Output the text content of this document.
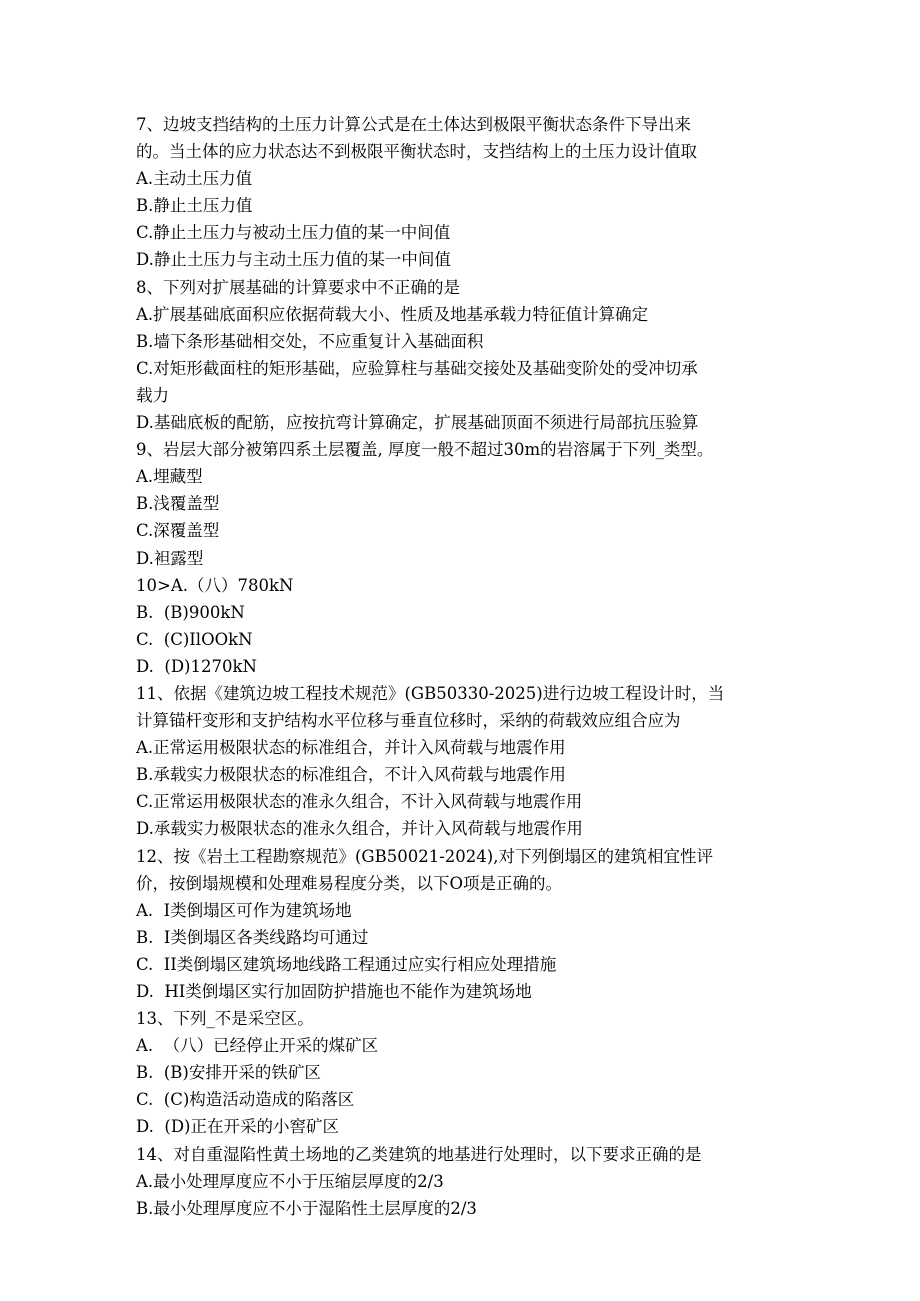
7、边坡支挡结构的土压力计算公式是在土体达到极限平衡状态条件下导出来
的。当土体的应力状态达不到极限平衡状态时，支挡结构上的土压力设计值取
A.主动土压力值
B.静止土压力值
C.静止土压力与被动土压力值的某一中间值
D.静止土压力与主动土压力值的某一中间值
8、下列对扩展基础的计算要求中不正确的是
A.扩展基础底面积应依据荷载大小、性质及地基承载力特征值计算确定
B.墙下条形基础相交处，不应重复计入基础面积
C.对矩形截面柱的矩形基础，应验算柱与基础交接处及基础变阶处的受冲切承
载力
D.基础底板的配筋，应按抗弯计算确定，扩展基础顶面不须进行局部抗压验算
9、岩层大部分被第四系土层覆盖, 厚度一般不超过30m的岩溶属于下列_类型。
A.埋藏型
B.浅覆盖型
C.深覆盖型
D.袒露型
10>A.（八）780kN
B.  (B)900kN
C.  (C)IlOOkN
D.  (D)1270kN
11、依据《建筑边坡工程技术规范》(GB50330-2025)进行边坡工程设计时，当
计算锚杆变形和支护结构水平位移与垂直位移时，采纳的荷载效应组合应为
A.正常运用极限状态的标准组合，并计入风荷载与地震作用
B.承载实力极限状态的标准组合，不计入风荷载与地震作用
C.正常运用极限状态的准永久组合，不计入风荷载与地震作用
D.承载实力极限状态的准永久组合，并计入风荷载与地震作用
12、按《岩土工程勘察规范》(GB50021-2024),对下列倒塌区的建筑相宜性评
价，按倒塌规模和处理难易程度分类，以下O项是正确的。
A.  I类倒塌区可作为建筑场地
B.  I类倒塌区各类线路均可通过
C.  II类倒塌区建筑场地线路工程通过应实行相应处理措施
D.  HI类倒塌区实行加固防护措施也不能作为建筑场地
13、下列_不是采空区。
A.  （八）已经停止开采的煤矿区
B.  (B)安排开采的铁矿区
C.  (C)构造活动造成的陷落区
D.  (D)正在开采的小窖矿区
14、对自重湿陷性黄土场地的乙类建筑的地基进行处理时，以下要求正确的是
A.最小处理厚度应不小于压缩层厚度的2/3
B.最小处理厚度应不小于湿陷性土层厚度的2/3
